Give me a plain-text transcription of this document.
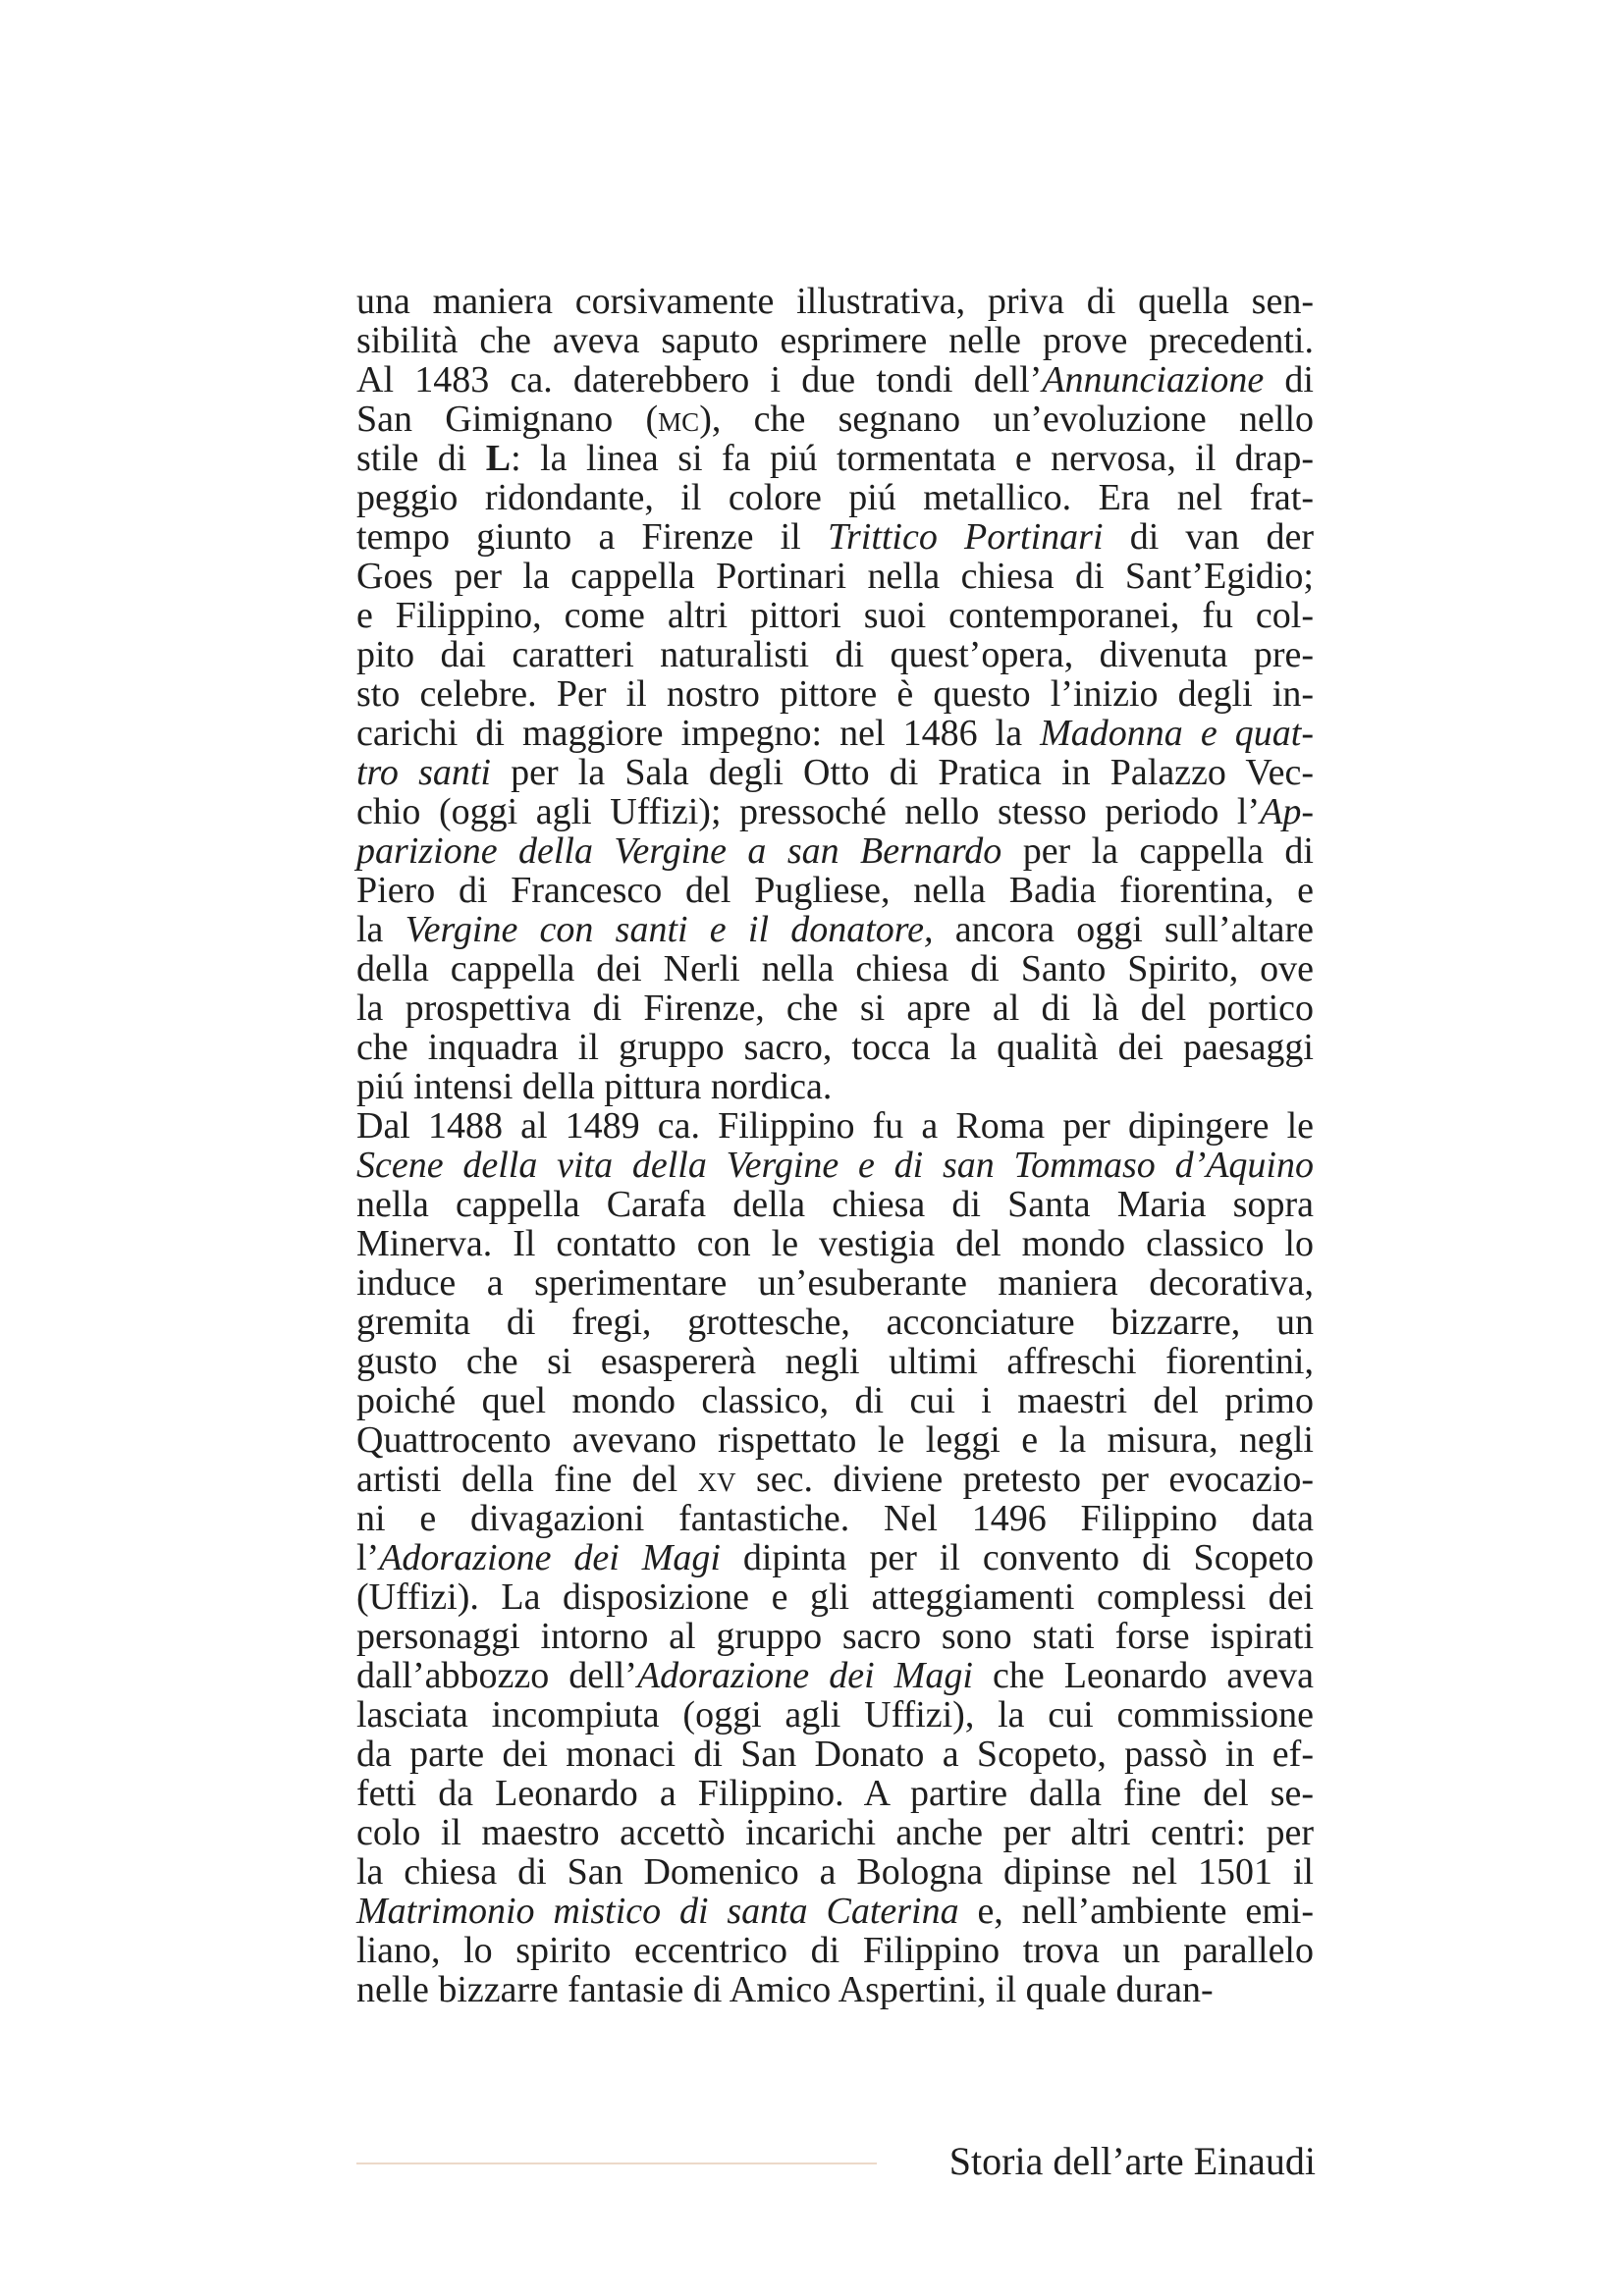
una maniera corsivamente illustrativa, priva di quella sen-
sibilità che aveva saputo esprimere nelle prove precedenti.
Al 1483 ca. daterebbero i due tondi dell’Annunciazione di
San Gimignano (mc), che segnano un’evoluzione nello
stile di L: la linea si fa piú tormentata e nervosa, il drap-
peggio ridondante, il colore piú metallico. Era nel frat-
tempo giunto a Firenze il Trittico Portinari di van der
Goes per la cappella Portinari nella chiesa di Sant’Egidio;
e Filippino, come altri pittori suoi contemporanei, fu col-
pito dai caratteri naturalisti di quest’opera, divenuta pre-
sto celebre. Per il nostro pittore è questo l’inizio degli in-
carichi di maggiore impegno: nel 1486 la Madonna e quat-
tro santi per la Sala degli Otto di Pratica in Palazzo Vec-
chio (oggi agli Uffizi); pressoché nello stesso periodo l’Ap-
parizione della Vergine a san Bernardo per la cappella di
Piero di Francesco del Pugliese, nella Badia fiorentina, e
la Vergine con santi e il donatore, ancora oggi sull’altare
della cappella dei Nerli nella chiesa di Santo Spirito, ove
la prospettiva di Firenze, che si apre al di là del portico
che inquadra il gruppo sacro, tocca la qualità dei paesaggi
piú intensi della pittura nordica.
Dal 1488 al 1489 ca. Filippino fu a Roma per dipingere le
Scene della vita della Vergine e di san Tommaso d’Aquino
nella cappella Carafa della chiesa di Santa Maria sopra
Minerva. Il contatto con le vestigia del mondo classico lo
induce a sperimentare un’esuberante maniera decorativa,
gremita di fregi, grottesche, acconciature bizzarre, un
gusto che si esaspererà negli ultimi affreschi fiorentini,
poiché quel mondo classico, di cui i maestri del primo
Quattrocento avevano rispettato le leggi e la misura, negli
artisti della fine del xv sec. diviene pretesto per evocazio-
ni e divagazioni fantastiche. Nel 1496 Filippino data
l’Adorazione dei Magi dipinta per il convento di Scopeto
(Uffizi). La disposizione e gli atteggiamenti complessi dei
personaggi intorno al gruppo sacro sono stati forse ispirati
dall’abbozzo dell’Adorazione dei Magi che Leonardo aveva
lasciata incompiuta (oggi agli Uffizi), la cui commissione
da parte dei monaci di San Donato a Scopeto, passò in ef-
fetti da Leonardo a Filippino. A partire dalla fine del se-
colo il maestro accettò incarichi anche per altri centri: per
la chiesa di San Domenico a Bologna dipinse nel 1501 il
Matrimonio mistico di santa Caterina e, nell’ambiente emi-
liano, lo spirito eccentrico di Filippino trova un parallelo
nelle bizzarre fantasie di Amico Aspertini, il quale duran-

Storia dell’arte Einaudi
